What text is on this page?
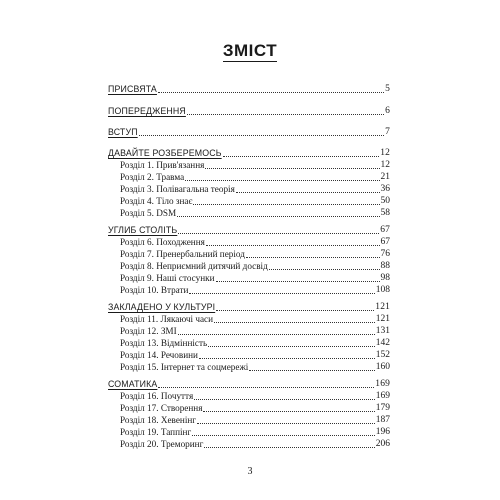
ЗМІСТ
ПРИСВЯТА	5
ПОПЕРЕДЖЕННЯ	6
ВСТУП	7
ДАВАЙТЕ РОЗБЕРЕМОСЬ	12
Розділ 1. Прив'язання	12
Розділ 2. Травма	21
Розділ 3. Полівагальна теорія	36
Розділ 4. Тіло знає	50
Розділ 5. DSM	58
УГЛИБ СТОЛІТЬ	67
Розділ 6. Походження	67
Розділ 7. Пренербальний період	76
Розділ 8. Неприємний дитячий досвід	88
Розділ 9. Наші стосунки	98
Розділ 10. Втрати	108
ЗАКЛАДЕНО У КУЛЬТУРІ	121
Розділ 11. Лякаючі часи	121
Розділ 12. ЗМІ	131
Розділ 13. Відмінність	142
Розділ 14. Речовини	152
Розділ 15. Інтернет та соцмережі	160
СОМАТИКА	169
Розділ 16. Почуття	169
Розділ 17. Створення	179
Розділ 18. Хевенінг	187
Розділ 19. Таппінг	196
Розділ 20. Треморинг	206
3
